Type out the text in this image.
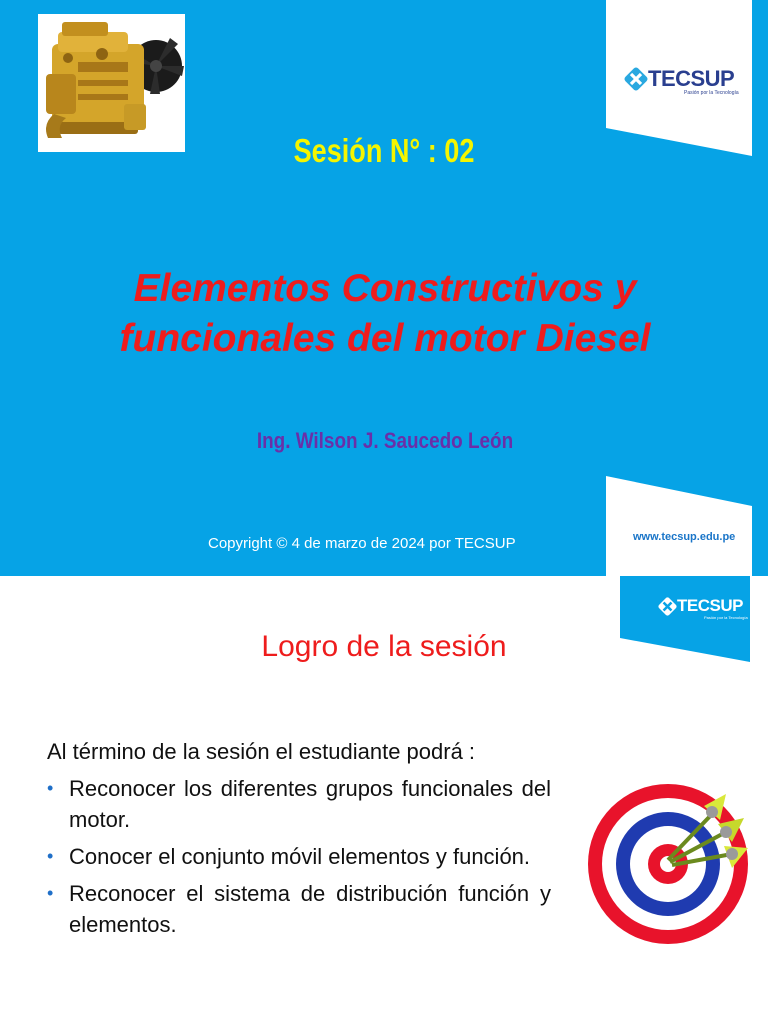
TECSUP
Pasión por la Tecnología
Sesión N° : 02
Elementos Constructivos y
funcionales del motor Diesel
Ing. Wilson J. Saucedo León
Copyright © 4 de marzo de 2024 por TECSUP	www.tecsup.edu.pe
TECSUP
Pasión por la Tecnología
Logro de la sesión
Al término de la sesión el estudiante podrá :
• Reconocer los diferentes grupos funcionales del motor.
• Conocer el conjunto móvil elementos y función.
• Reconocer el sistema de distribución función y elementos.
